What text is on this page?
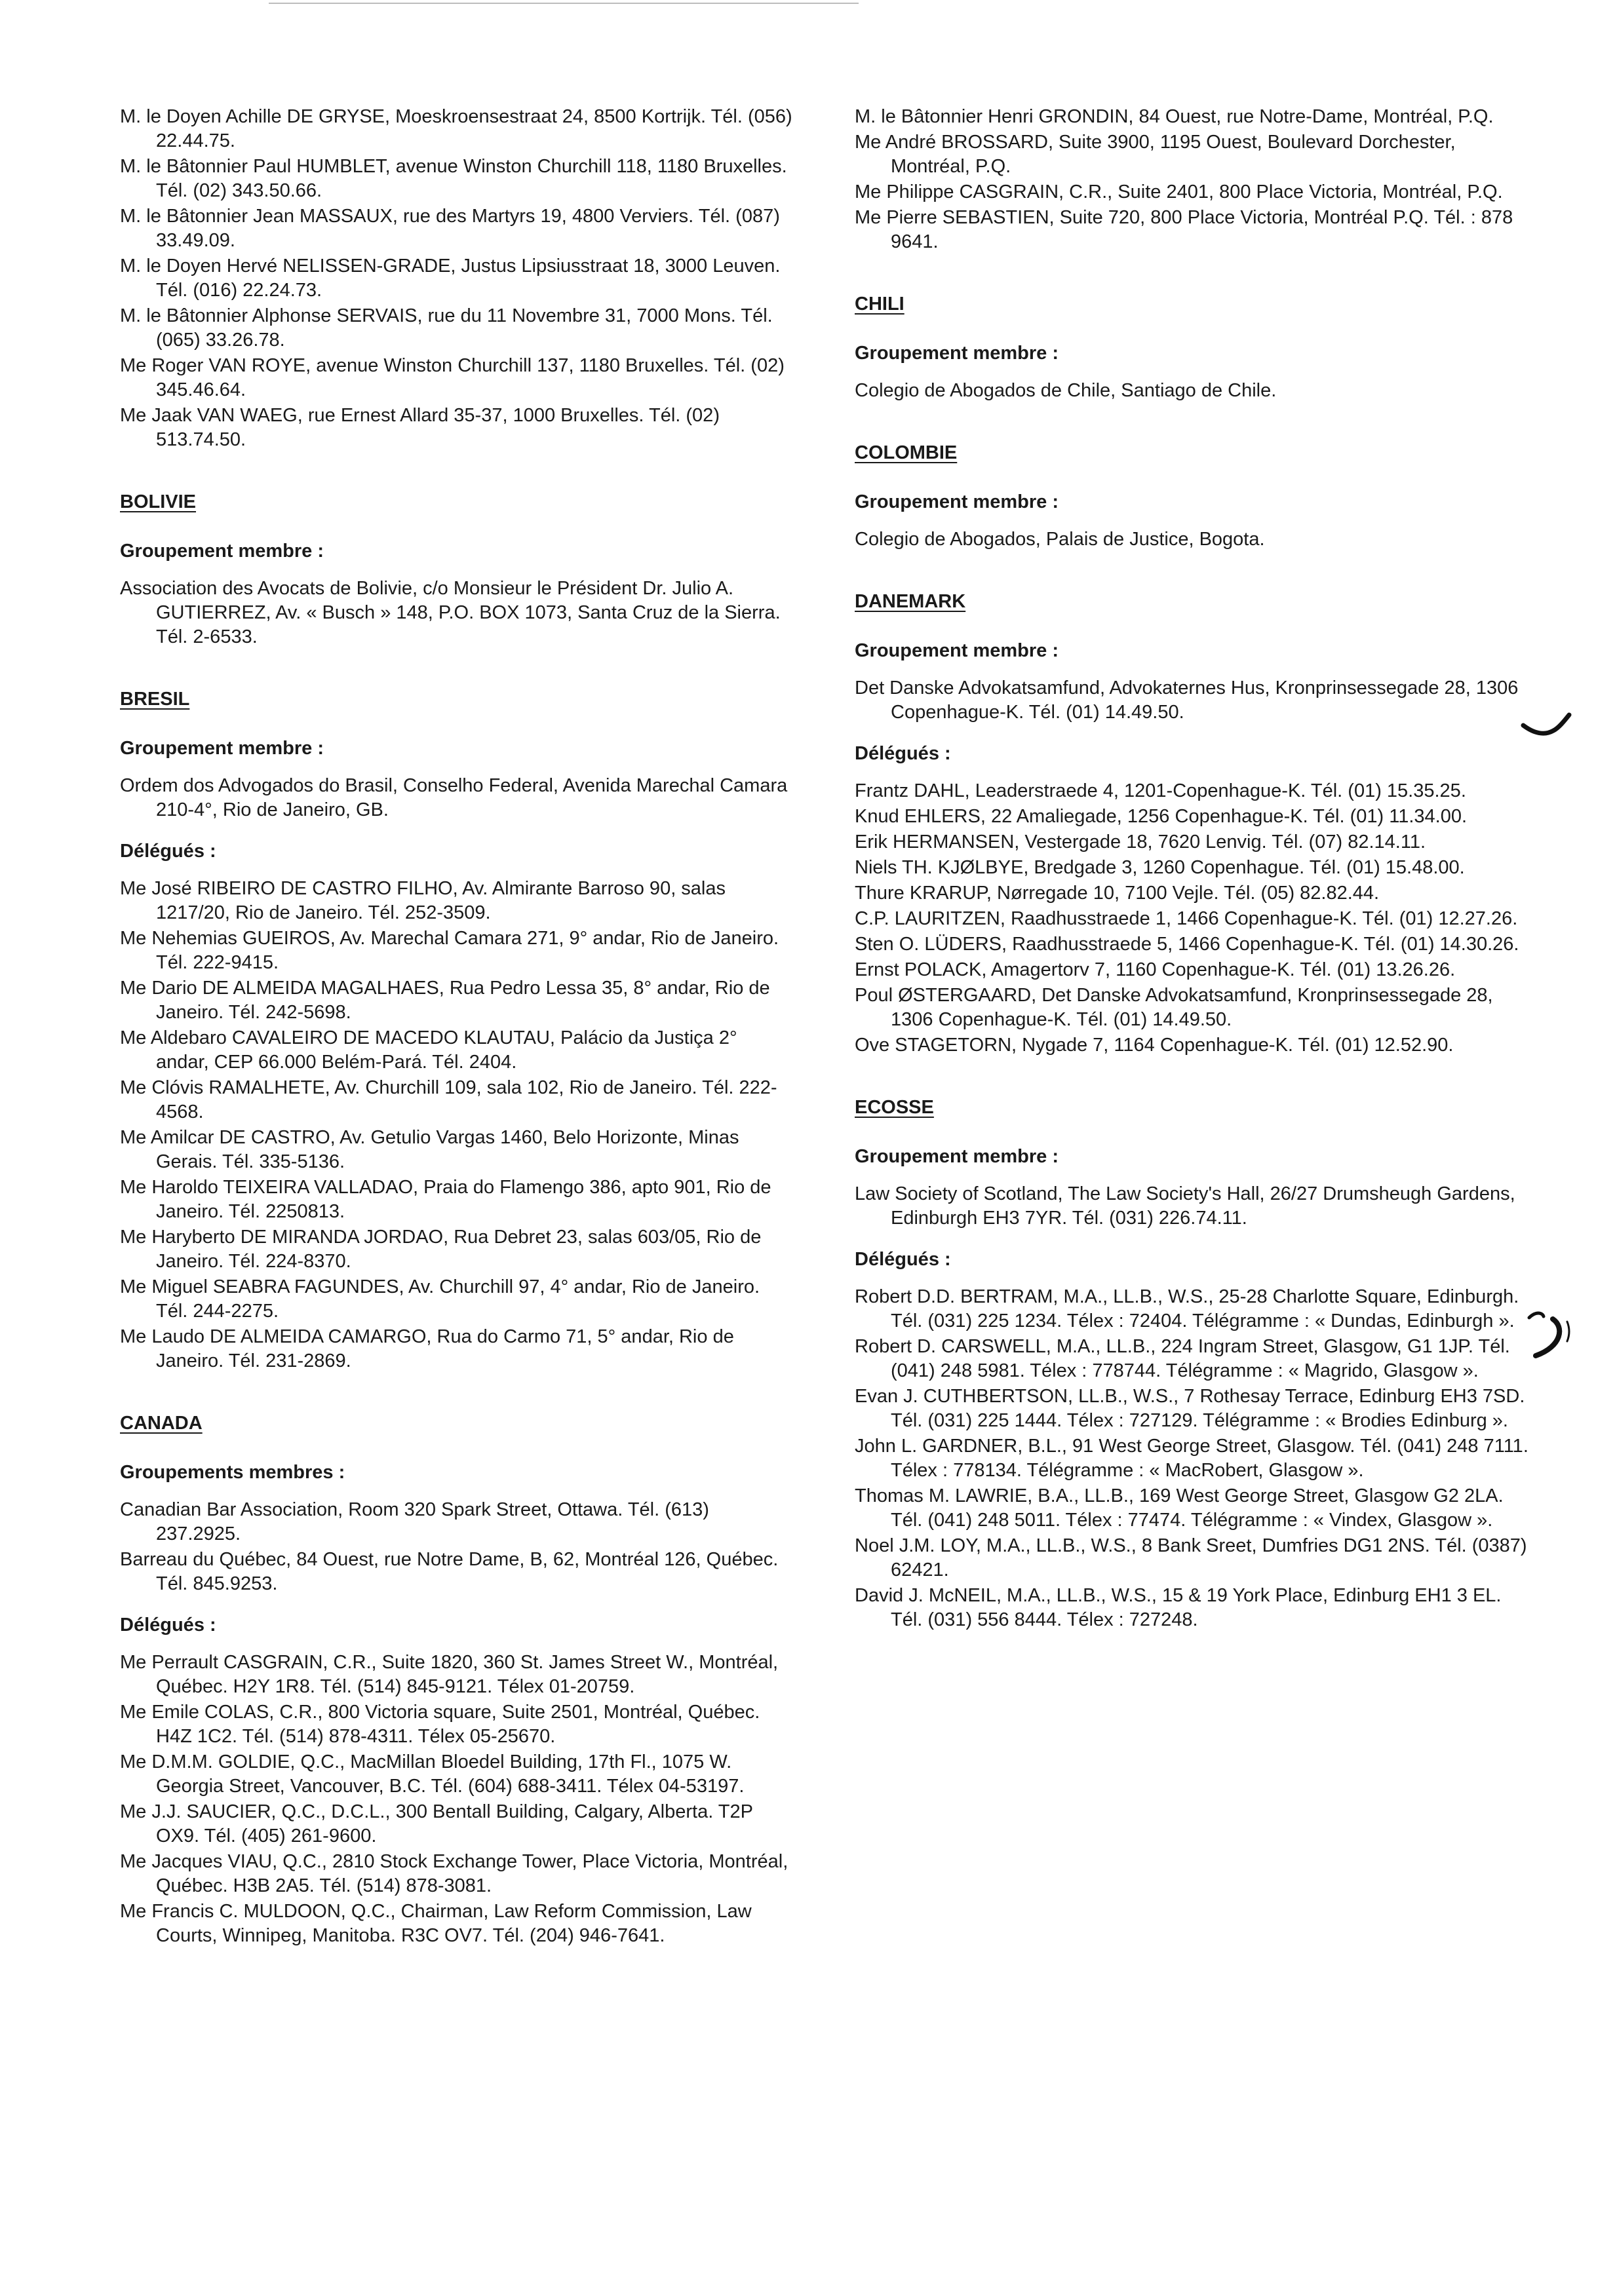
M. le Doyen Achille DE GRYSE, Moeskroensestraat 24, 8500 Kortrijk. Tél. (056) 22.44.75.
M. le Bâtonnier Paul HUMBLET, avenue Winston Churchill 118, 1180 Bruxelles. Tél. (02) 343.50.66.
M. le Bâtonnier Jean MASSAUX, rue des Martyrs 19, 4800 Verviers. Tél. (087) 33.49.09.
M. le Doyen Hervé NELISSEN-GRADE, Justus Lipsiusstraat 18, 3000 Leuven. Tél. (016) 22.24.73.
M. le Bâtonnier Alphonse SERVAIS, rue du 11 Novembre 31, 7000 Mons. Tél. (065) 33.26.78.
Me Roger VAN ROYE, avenue Winston Churchill 137, 1180 Bruxelles. Tél. (02) 345.46.64.
Me Jaak VAN WAEG, rue Ernest Allard 35-37, 1000 Bruxelles. Tél. (02) 513.74.50.
BOLIVIE
Groupement membre :
Association des Avocats de Bolivie, c/o Monsieur le Président Dr. Julio A. GUTIERREZ, Av. « Busch » 148, P.O. BOX 1073, Santa Cruz de la Sierra. Tél. 2-6533.
BRESIL
Groupement membre :
Ordem dos Advogados do Brasil, Conselho Federal, Avenida Marechal Camara 210-4°, Rio de Janeiro, GB.
Délégués :
Me José RIBEIRO DE CASTRO FILHO, Av. Almirante Barroso 90, salas 1217/20, Rio de Janeiro. Tél. 252-3509.
Me Nehemias GUEIROS, Av. Marechal Camara 271, 9° andar, Rio de Janeiro. Tél. 222-9415.
Me Dario DE ALMEIDA MAGALHAES, Rua Pedro Lessa 35, 8° andar, Rio de Janeiro. Tél. 242-5698.
Me Aldebaro CAVALEIRO DE MACEDO KLAUTAU, Palácio da Justiça 2° andar, CEP 66.000 Belém-Pará. Tél. 2404.
Me Clóvis RAMALHETE, Av. Churchill 109, sala 102, Rio de Janeiro. Tél. 222-4568.
Me Amilcar DE CASTRO, Av. Getulio Vargas 1460, Belo Horizonte, Minas Gerais. Tél. 335-5136.
Me Haroldo TEIXEIRA VALLADAO, Praia do Flamengo 386, apto 901, Rio de Janeiro. Tél. 2250813.
Me Haryberto DE MIRANDA JORDAO, Rua Debret 23, salas 603/05, Rio de Janeiro. Tél. 224-8370.
Me Miguel SEABRA FAGUNDES, Av. Churchill 97, 4° andar, Rio de Janeiro. Tél. 244-2275.
Me Laudo DE ALMEIDA CAMARGO, Rua do Carmo 71, 5° andar, Rio de Janeiro. Tél. 231-2869.
CANADA
Groupements membres :
Canadian Bar Association, Room 320 Spark Street, Ottawa. Tél. (613) 237.2925.
Barreau du Québec, 84 Ouest, rue Notre Dame, B, 62, Montréal 126, Québec. Tél. 845.9253.
Délégués :
Me Perrault CASGRAIN, C.R., Suite 1820, 360 St. James Street W., Montréal, Québec. H2Y 1R8. Tél. (514) 845-9121. Télex 01-20759.
Me Emile COLAS, C.R., 800 Victoria square, Suite 2501, Montréal, Québec. H4Z 1C2. Tél. (514) 878-4311. Télex 05-25670.
Me D.M.M. GOLDIE, Q.C., MacMillan Bloedel Building, 17th Fl., 1075 W. Georgia Street, Vancouver, B.C. Tél. (604) 688-3411. Télex 04-53197.
Me J.J. SAUCIER, Q.C., D.C.L., 300 Bentall Building, Calgary, Alberta. T2P OX9. Tél. (405) 261-9600.
Me Jacques VIAU, Q.C., 2810 Stock Exchange Tower, Place Victoria, Montréal, Québec. H3B 2A5. Tél. (514) 878-3081.
Me Francis C. MULDOON, Q.C., Chairman, Law Reform Commission, Law Courts, Winnipeg, Manitoba. R3C OV7. Tél. (204) 946-7641.
M. le Bâtonnier Henri GRONDIN, 84 Ouest, rue Notre-Dame, Montréal, P.Q.
Me André BROSSARD, Suite 3900, 1195 Ouest, Boulevard Dorchester, Montréal, P.Q.
Me Philippe CASGRAIN, C.R., Suite 2401, 800 Place Victoria, Montréal, P.Q.
Me Pierre SEBASTIEN, Suite 720, 800 Place Victoria, Montréal P.Q. Tél. : 878 9641.
CHILI
Groupement membre :
Colegio de Abogados de Chile, Santiago de Chile.
COLOMBIE
Groupement membre :
Colegio de Abogados, Palais de Justice, Bogota.
DANEMARK
Groupement membre :
Det Danske Advokatsamfund, Advokaternes Hus, Kronprinsessegade 28, 1306 Copenhague-K. Tél. (01) 14.49.50.
Délégués :
Frantz DAHL, Leaderstraede 4, 1201-Copenhague-K. Tél. (01) 15.35.25.
Knud EHLERS, 22 Amaliegade, 1256 Copenhague-K. Tél. (01) 11.34.00.
Erik HERMANSEN, Vestergade 18, 7620 Lenvig. Tél. (07) 82.14.11.
Niels TH. KJØLBYE, Bredgade 3, 1260 Copenhague. Tél. (01) 15.48.00.
Thure KRARUP, Nørregade 10, 7100 Vejle. Tél. (05) 82.82.44.
C.P. LAURITZEN, Raadhusstraede 1, 1466 Copenhague-K. Tél. (01) 12.27.26.
Sten O. LÜDERS, Raadhusstraede 5, 1466 Copenhague-K. Tél. (01) 14.30.26.
Ernst POLACK, Amagertorv 7, 1160 Copenhague-K. Tél. (01) 13.26.26.
Poul ØSTERGAARD, Det Danske Advokatsamfund, Kronprinsessegade 28, 1306 Copenhague-K. Tél. (01) 14.49.50.
Ove STAGETORN, Nygade 7, 1164 Copenhague-K. Tél. (01) 12.52.90.
ECOSSE
Groupement membre :
Law Society of Scotland, The Law Society's Hall, 26/27 Drumsheugh Gardens, Edinburgh EH3 7YR. Tél. (031) 226.74.11.
Délégués :
Robert D.D. BERTRAM, M.A., LL.B., W.S., 25-28 Charlotte Square, Edinburgh. Tél. (031) 225 1234. Télex : 72404. Télégramme : « Dundas, Edinburgh ».
Robert D. CARSWELL, M.A., LL.B., 224 Ingram Street, Glasgow, G1 1JP. Tél. (041) 248 5981. Télex : 778744. Télégramme : « Magrido, Glasgow ».
Evan J. CUTHBERTSON, LL.B., W.S., 7 Rothesay Terrace, Edinburg EH3 7SD. Tél. (031) 225 1444. Télex : 727129. Télégramme : « Brodies Edinburg ».
John L. GARDNER, B.L., 91 West George Street, Glasgow. Tél. (041) 248 7111. Télex : 778134. Télégramme : « MacRobert, Glasgow ».
Thomas M. LAWRIE, B.A., LL.B., 169 West George Street, Glasgow G2 2LA. Tél. (041) 248 5011. Télex : 77474. Télégramme : « Vindex, Glasgow ».
Noel J.M. LOY, M.A., LL.B., W.S., 8 Bank Sreet, Dumfries DG1 2NS. Tél. (0387) 62421.
David J. McNEIL, M.A., LL.B., W.S., 15 & 19 York Place, Edinburg EH1 3 EL. Tél. (031) 556 8444. Télex : 727248.
